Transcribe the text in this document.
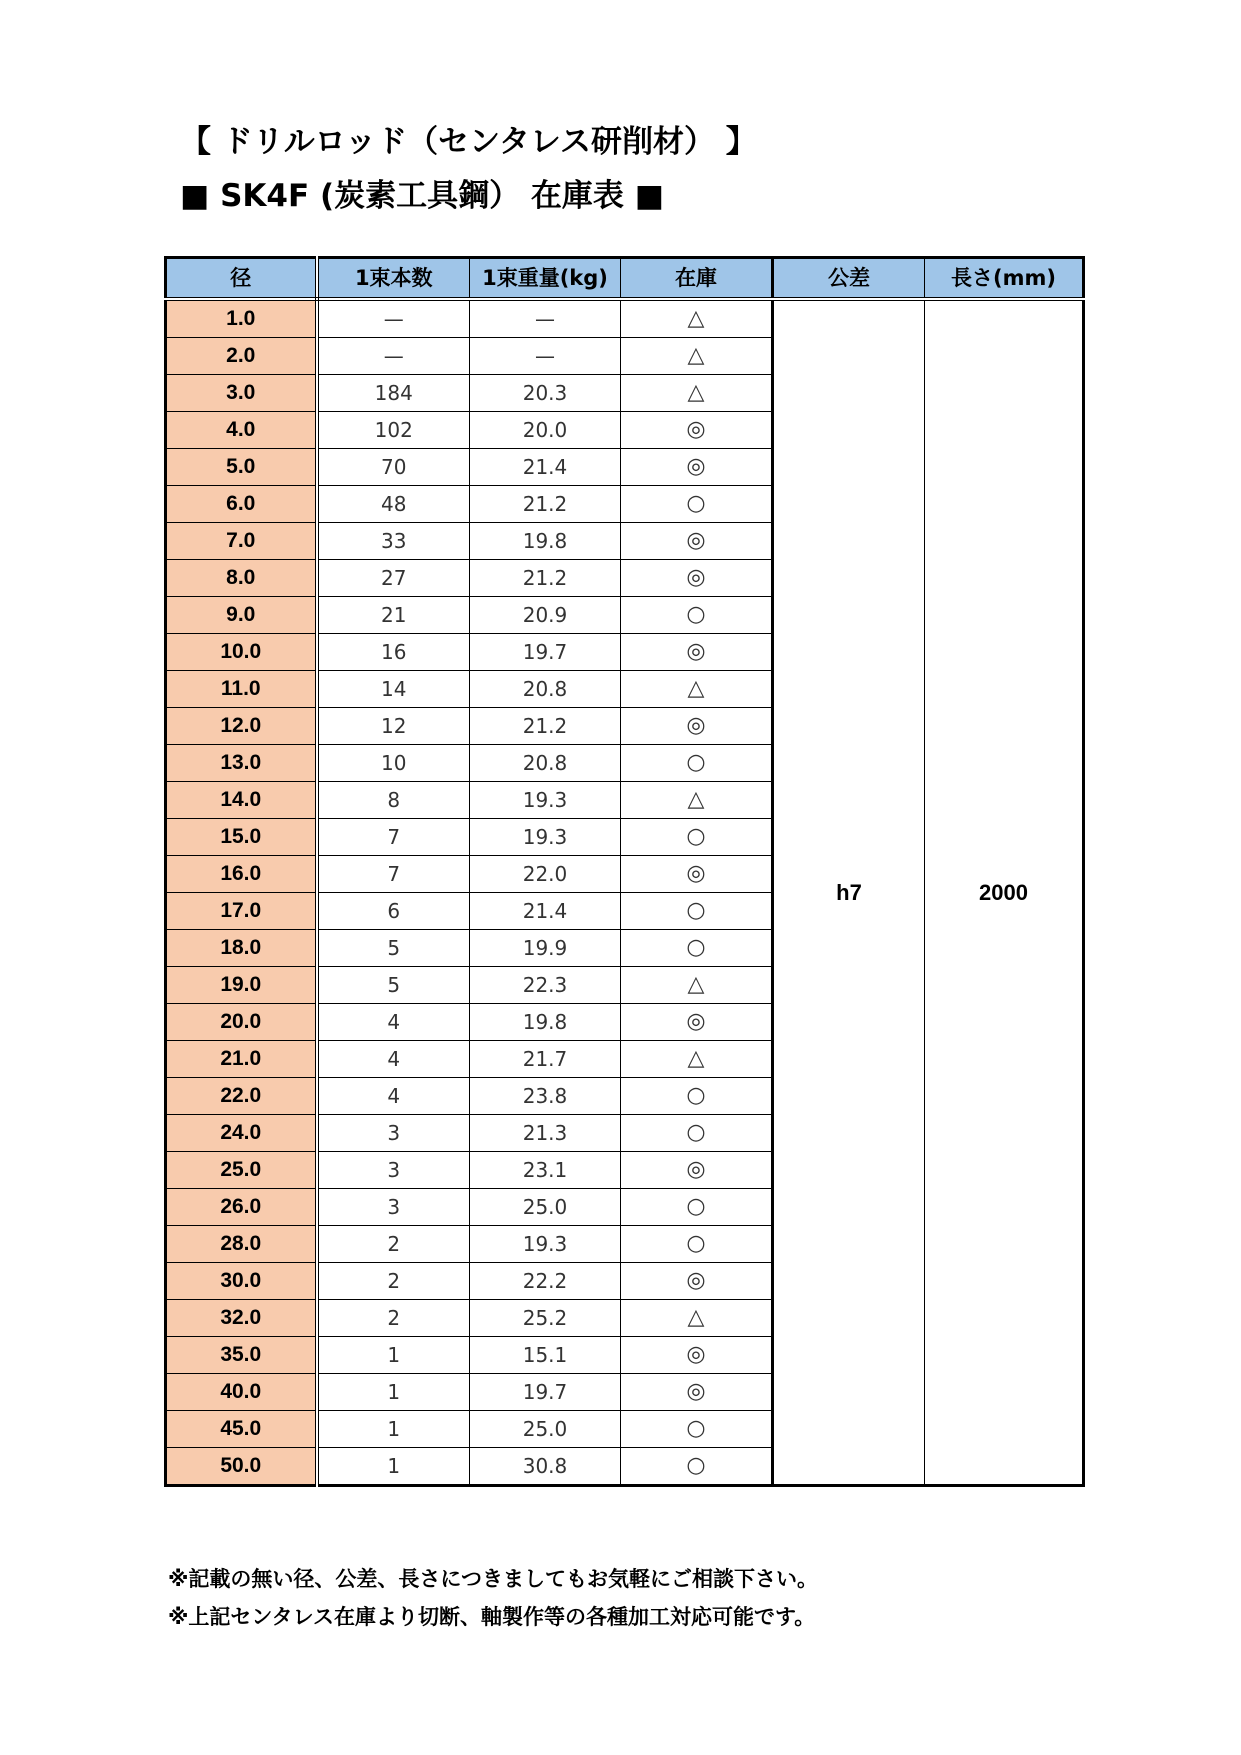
【 ドリルロッド（センタレス研削材） 】
■ SK4F (炭素工具鋼） 在庫表 ■
径	1束本数	1束重量(kg)	在庫	公差	長さ(mm)
1.0	—	—	△	h7	2000
2.0	—	—	△		
3.0	184	20.3	△		
4.0	102	20.0	◎		
5.0	70	21.4	◎		
6.0	48	21.2	○		
7.0	33	19.8	◎		
8.0	27	21.2	◎		
9.0	21	20.9	○		
10.0	16	19.7	◎		
11.0	14	20.8	△		
12.0	12	21.2	◎		
13.0	10	20.8	○		
14.0	8	19.3	△		
15.0	7	19.3	○		
16.0	7	22.0	◎		
17.0	6	21.4	○		
18.0	5	19.9	○		
19.0	5	22.3	△		
20.0	4	19.8	◎		
21.0	4	21.7	△		
22.0	4	23.8	○		
24.0	3	21.3	○		
25.0	3	23.1	◎		
26.0	3	25.0	○		
28.0	2	19.3	○		
30.0	2	22.2	◎		
32.0	2	25.2	△		
35.0	1	15.1	◎		
40.0	1	19.7	◎		
45.0	1	25.0	○		
50.0	1	30.8	○		
※記載の無い径、公差、長さにつきましてもお気軽にご相談下さい。
※上記センタレス在庫より切断、軸製作等の各種加工対応可能です。
